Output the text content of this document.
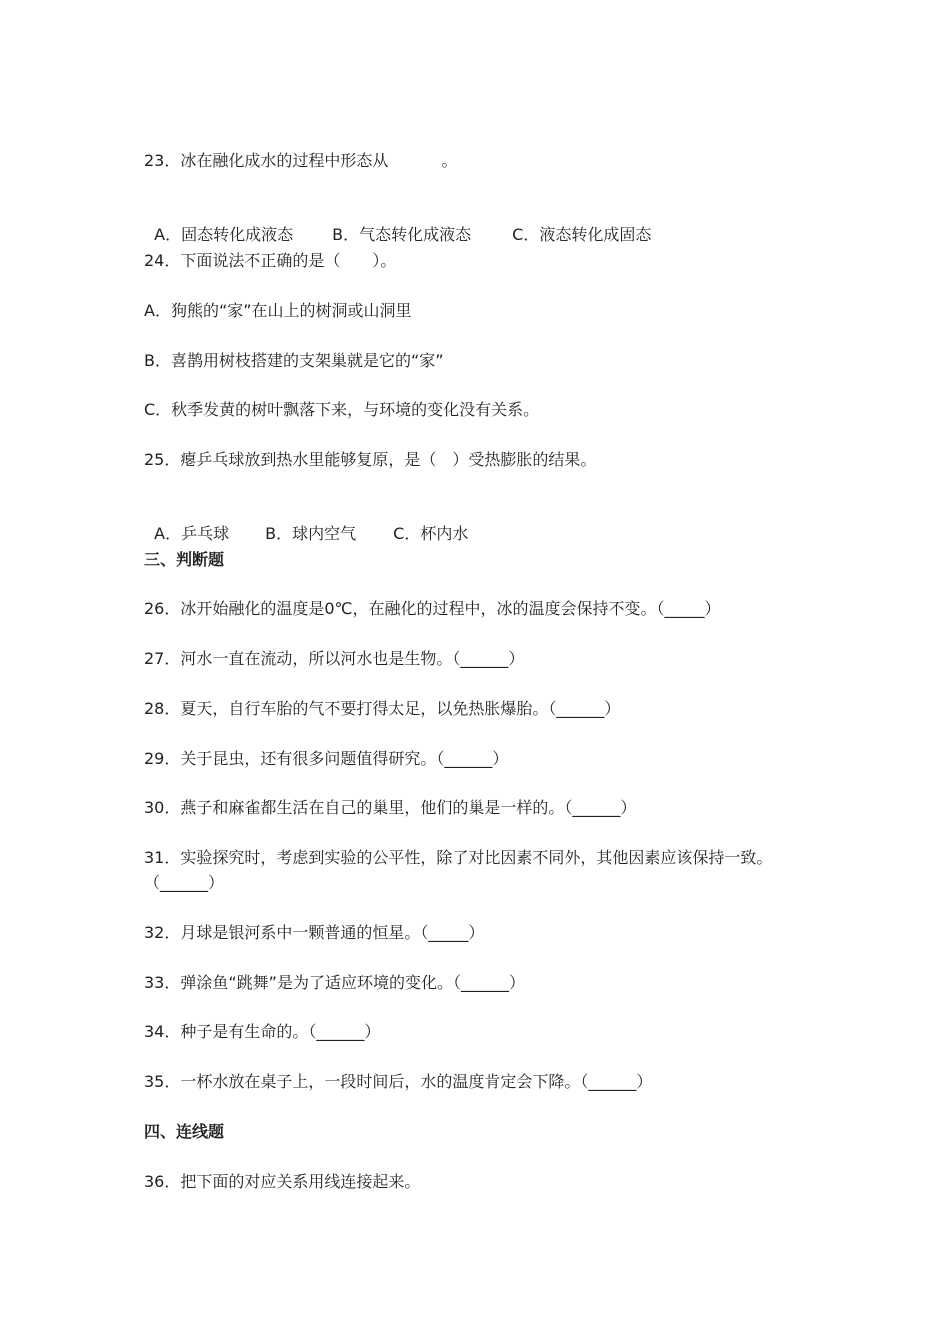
23．冰在融化成水的过程中形态从 　　　。

A．固态转化成液态 B．气态转化成液态	C．液态转化成固态

24．下面说法不正确的是（　　）。
A．狗熊的“家”在山上的树洞或山洞里
B．喜鹊用树枝搭建的支架巢就是它的“家”
C．秋季发黄的树叶飘落下来，与环境的变化没有关系。
25．瘪乒乓球放到热水里能够复原，是（　）受热膨胀的结果。

A．乒乓球 B．球内空气 C．杯内水

三、判断题
26．冰开始融化的温度是0℃，在融化的过程中，冰的温度会保持不变。（_____）
27．河水一直在流动，所以河水也是生物。（______）
28．夏天，自行车胎的气不要打得太足，以免热胀爆胎。（______）
29．关于昆虫，还有很多问题值得研究。（______）
30．燕子和麻雀都生活在自己的巢里，他们的巢是一样的。（______）
31．实验探究时，考虑到实验的公平性，除了对比因素不同外，其他因素应该保持一致。
（______）
32．月球是银河系中一颗普通的恒星。（_____）
33．弹涂鱼“跳舞”是为了适应环境的变化。（______）
34．种子是有生命的。（______）
35．一杯水放在桌子上，一段时间后，水的温度肯定会下降。（______）
四、连线题
36．把下面的对应关系用线连接起来。
